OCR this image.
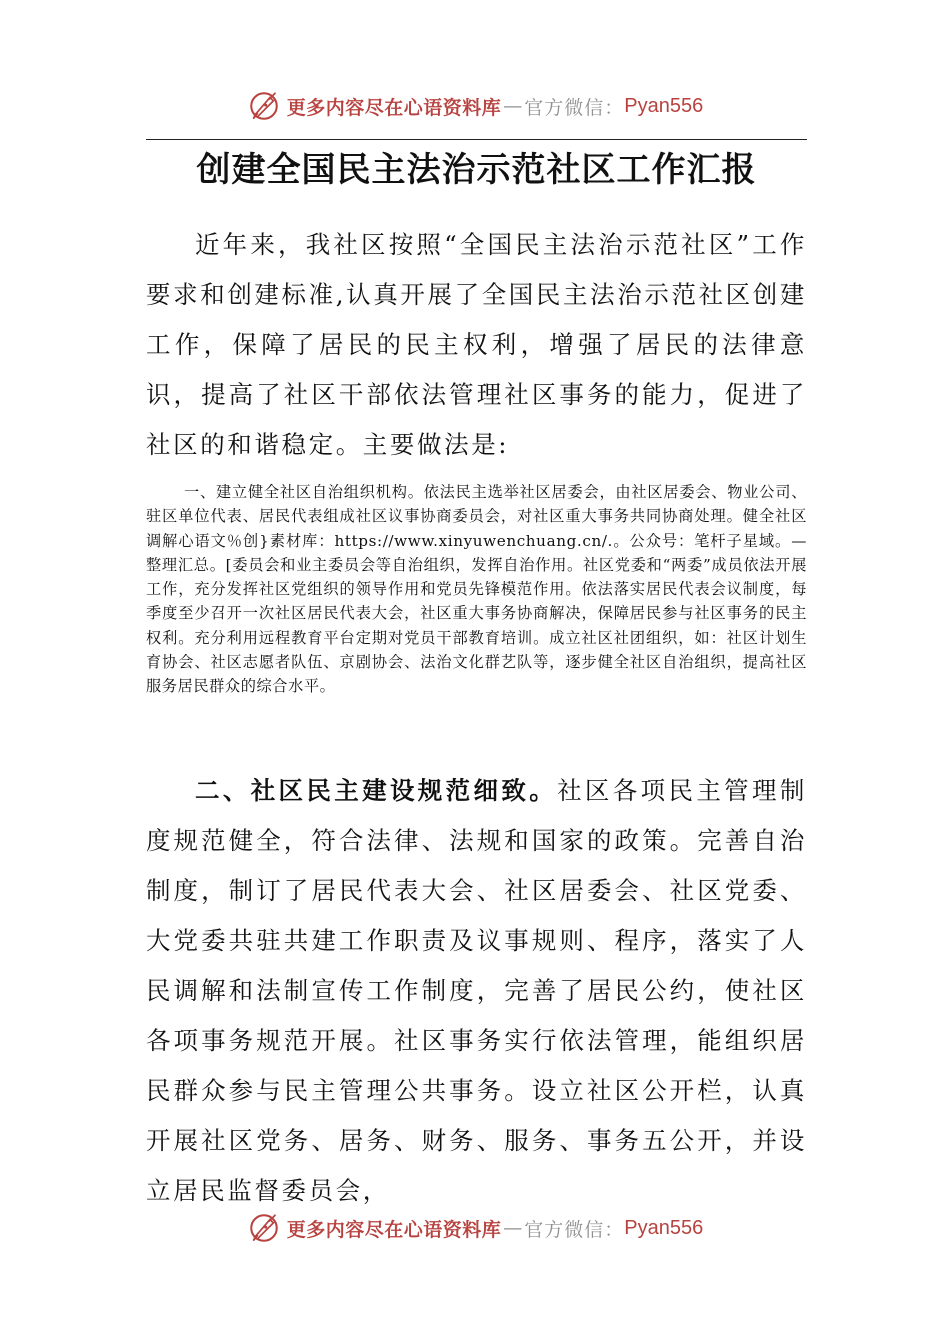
更多内容尽在心语资料库 — 官方微信： Pyan556
创建全国民主法治示范社区工作汇报

近年来，我社区按照“全国民主法治示范社区”工作要求和创建标准,认真开展了全国民主法治示范社区创建工作，保障了居民的民主权利，增强了居民的法律意识，提高了社区干部依法管理社区事务的能力，促进了社区的和谐稳定。主要做法是:

一、建立健全社区自治组织机构。依法民主选举社区居委会，由社区居委会、物业公司、驻区单位代表、居民代表组成社区议事协商委员会，对社区重大事务共同协商处理。健全社区调解心语文％创}素材库：https://www.xinyuwenchuang.cn/.。公众号：笔杆子星域。—整理汇总。[委员会和业主委员会等自治组织，发挥自治作用。社区党委和“两委”成员依法开展工作，充分发挥社区党组织的领导作用和党员先锋模范作用。依法落实居民代表会议制度，每季度至少召开一次社区居民代表大会，社区重大事务协商解决，保障居民参与社区事务的民主权利。充分利用远程教育平台定期对党员干部教育培训。成立社区社团组织，如：社区计划生育协会、社区志愿者队伍、京剧协会、法治文化群艺队等，逐步健全社区自治组织，提高社区服务居民群众的综合水平。

二、社区民主建设规范细致。社区各项民主管理制度规范健全，符合法律、法规和国家的政策。完善自治制度，制订了居民代表大会、社区居委会、社区党委、大党委共驻共建工作职责及议事规则、程序，落实了人民调解和法制宣传工作制度，完善了居民公约，使社区各项事务规范开展。社区事务实行依法管理，能组织居民群众参与民主管理公共事务。设立社区公开栏，认真开展社区党务、居务、财务、服务、事务五公开，并设立居民监督委员会，

更多内容尽在心语资料库 — 官方微信： Pyan556
